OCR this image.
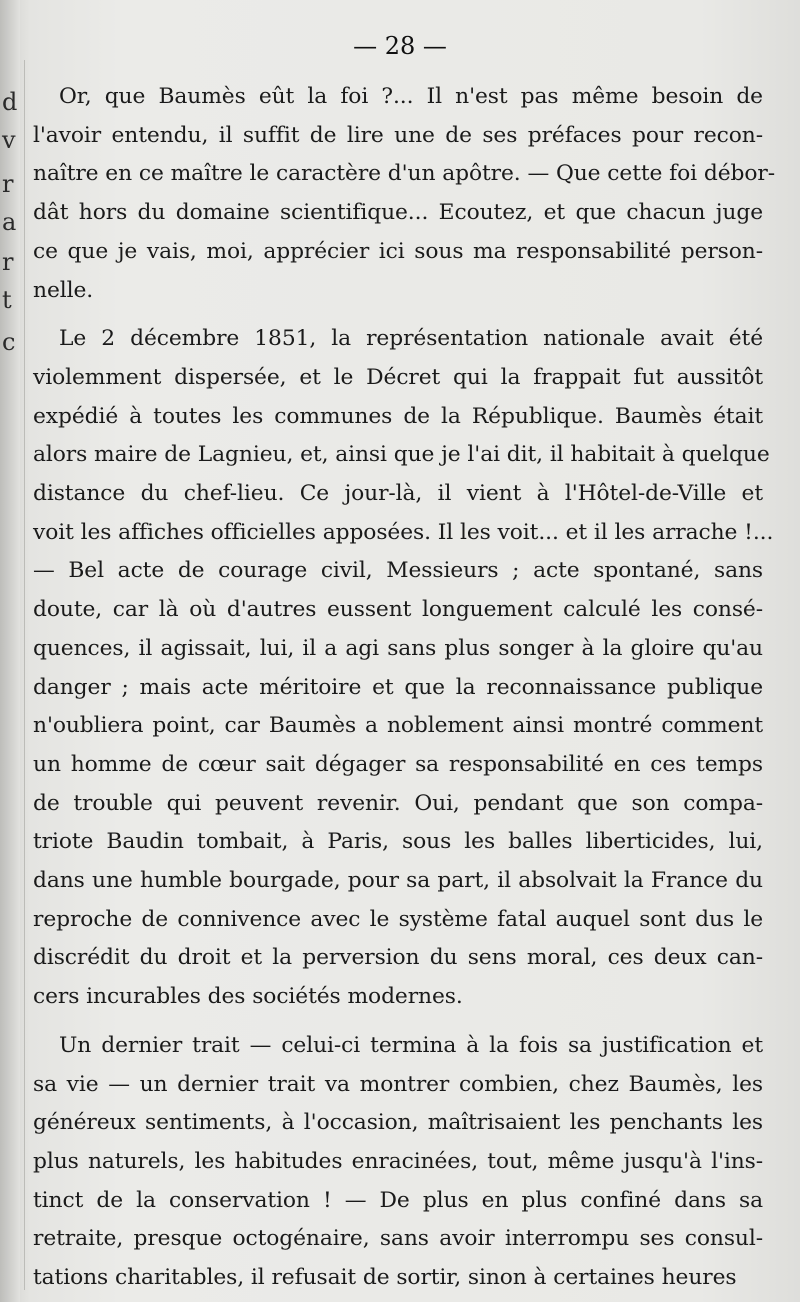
d
v
r
a
r
t
c
— 28 —
Or, que Baumès eût la foi ?... Il n'est pas même besoin de
l'avoir entendu, il suffit de lire une de ses préfaces pour recon-
naître en ce maître le caractère d'un apôtre. — Que cette foi débor-
dât hors du domaine scientifique... Ecoutez, et que chacun juge
ce que je vais, moi, apprécier ici sous ma responsabilité person-
nelle.
Le 2 décembre 1851, la représentation nationale avait été
violemment dispersée, et le Décret qui la frappait fut aussitôt
expédié à toutes les communes de la République. Baumès était
alors maire de Lagnieu, et, ainsi que je l'ai dit, il habitait à quelque
distance du chef-lieu. Ce jour-là, il vient à l'Hôtel-de-Ville et
voit les affiches officielles apposées. Il les voit... et il les arrache !...
— Bel acte de courage civil, Messieurs ; acte spontané, sans
doute, car là où d'autres eussent longuement calculé les consé-
quences, il agissait, lui, il a agi sans plus songer à la gloire qu'au
danger ; mais acte méritoire et que la reconnaissance publique
n'oubliera point, car Baumès a noblement ainsi montré comment
un homme de cœur sait dégager sa responsabilité en ces temps
de trouble qui peuvent revenir. Oui, pendant que son compa-
triote Baudin tombait, à Paris, sous les balles liberticides, lui,
dans une humble bourgade, pour sa part, il absolvait la France du
reproche de connivence avec le système fatal auquel sont dus le
discrédit du droit et la perversion du sens moral, ces deux can-
cers incurables des sociétés modernes.
Un dernier trait — celui-ci termina à la fois sa justification et
sa vie — un dernier trait va montrer combien, chez Baumès, les
généreux sentiments, à l'occasion, maîtrisaient les penchants les
plus naturels, les habitudes enracinées, tout, même jusqu'à l'ins-
tinct de la conservation ! — De plus en plus confiné dans sa
retraite, presque octogénaire, sans avoir interrompu ses consul-
tations charitables, il refusait de sortir, sinon à certaines heures
